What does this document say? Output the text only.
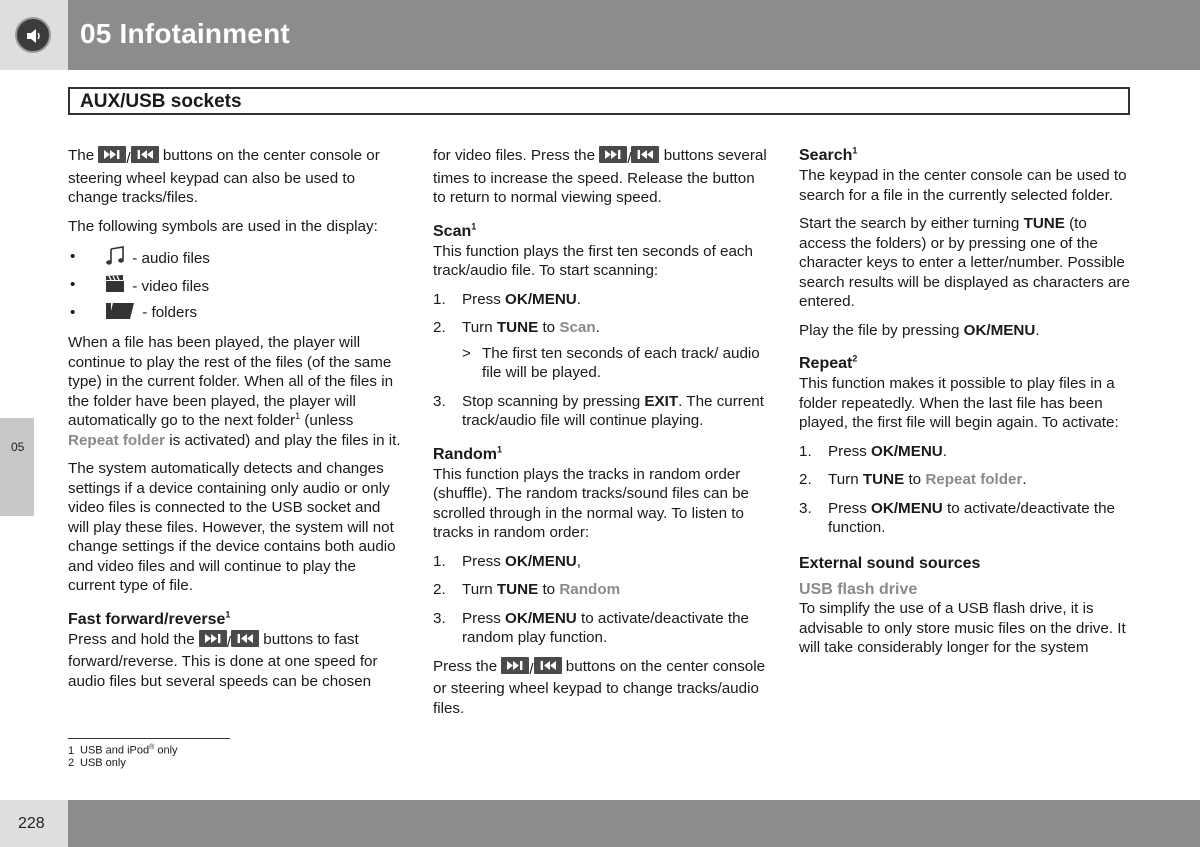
05 Infotainment
AUX/USB sockets
05

The / buttons on the center console or steering wheel keypad can also be used to change tracks/files.

The following symbols are used in the display:

•	- audio files
•	- video files
•	- folders

When a file has been played, the player will continue to play the rest of the files (of the same type) in the current folder. When all of the files in the folder have been played, the player will automatically go to the next folder$^1$ (unless Repeat folder is activated) and play the files in it.

The system automatically detects and changes settings if a device containing only audio or only video files is connected to the USB socket and will play these files. However, the system will not change settings if the device contains both audio and video files and will continue to play the current type of file.

Fast forward/reverse$^1$

Press and hold the / buttons to fast forward/reverse. This is done at one speed for audio files but several speeds can be chosen

for video files. Press the / buttons several times to increase the speed. Release the button to return to normal viewing speed.

Scan$^1$

This function plays the first ten seconds of each track/audio file. To start scanning:

1. Press OK/MENU.
2. Turn TUNE to Scan.
> The first ten seconds of each track/ audio file will be played.
3. Stop scanning by pressing EXIT. The current track/audio file will continue playing.
Random$^1$

This function plays the tracks in random order (shuffle). The random tracks/sound files can be scrolled through in the normal way. To listen to tracks in random order:

1. Press OK/MENU,
2. Turn TUNE to Random
3. Press OK/MENU to activate/deactivate the random play function.

Press the / buttons on the center console or steering wheel keypad to change tracks/audio files.

Search$^1$

The keypad in the center console can be used to search for a file in the currently selected folder.

Start the search by either turning TUNE (to access the folders) or by pressing one of the character keys to enter a letter/number. Possible search results will be displayed as characters are entered.

Play the file by pressing OK/MENU.

Repeat$^2$

This function makes it possible to play files in a folder repeatedly. When the last file has been played, the first file will begin again. To activate:

1. Press OK/MENU.
2. Turn TUNE to Repeat folder.
3. Press OK/MENU to activate/deactivate the function.
External sound sources
USB flash drive

To simplify the use of a USB flash drive, it is advisable to only store music files on the drive. It will take considerably longer for the system

1 USB and iPod® only
2 USB only
228
